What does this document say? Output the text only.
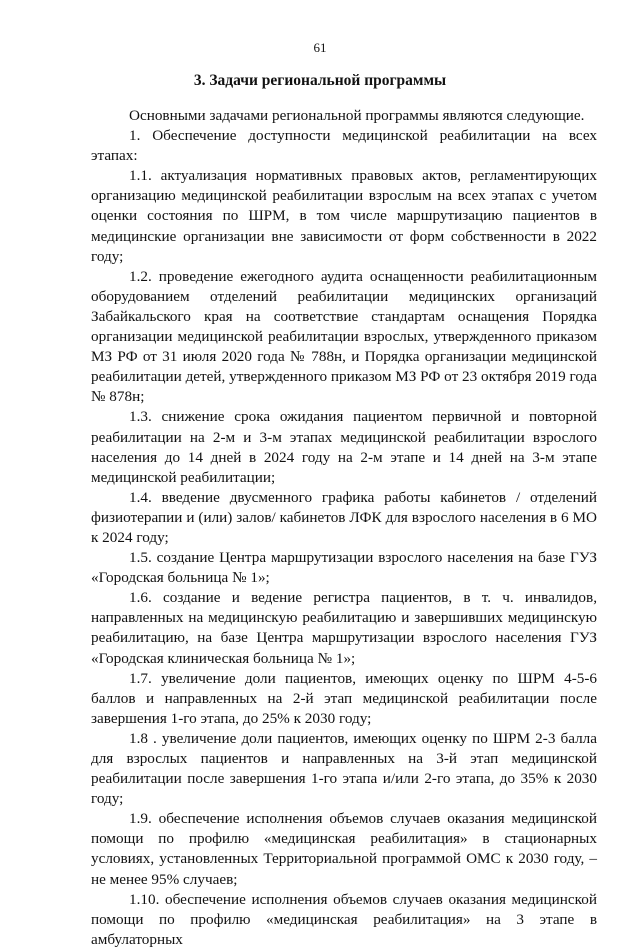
61
3. Задачи региональной программы

Основными задачами региональной программы являются следующие.

1. Обеспечение доступности медицинской реабилитации на всех этапах:

1.1. актуализация нормативных правовых актов, регламентирующих организацию медицинской реабилитации взрослым на всех этапах с учетом оценки состояния по ШРМ, в том числе маршрутизацию пациентов в медицинские организации вне зависимости от форм собственности в 2022 году;

1.2. проведение ежегодного аудита оснащенности реабилитационным оборудованием отделений реабилитации медицинских организаций Забайкальского края на соответствие стандартам оснащения Порядка организации медицинской реабилитации взрослых, утвержденного приказом МЗ РФ от 31 июля 2020 года № 788н, и Порядка организации медицинской реабилитации детей, утвержденного приказом МЗ РФ от 23 октября 2019 года № 878н;

1.3. снижение срока ожидания пациентом первичной и повторной реабилитации на 2-м и 3-м этапах медицинской реабилитации взрослого населения до 14 дней в 2024 году на 2-м этапе и 14 дней на 3-м этапе медицинской реабилитации;

1.4. введение двусменного графика работы кабинетов / отделений физиотерапии и (или) залов/ кабинетов ЛФК для взрослого населения в 6 МО к 2024 году;

1.5. создание Центра маршрутизации взрослого населения на базе ГУЗ «Городская больница № 1»;

1.6. создание и ведение регистра пациентов, в т. ч. инвалидов, направленных на медицинскую реабилитацию и завершивших медицинскую реабилитацию, на базе Центра маршрутизации взрослого населения ГУЗ «Городская клиническая больница № 1»;

1.7. увеличение доли пациентов, имеющих оценку по ШРМ 4-5-6 баллов и направленных на 2-й этап медицинской реабилитации после завершения 1-го этапа, до 25% к 2030 году;

1.8 . увеличение доли пациентов, имеющих оценку по ШРМ 2-3 балла для взрослых пациентов и направленных на 3-й этап медицинской реабилитации после завершения 1-го этапа и/или 2-го этапа, до 35% к 2030 году;

1.9. обеспечение исполнения объемов случаев оказания медицинской помощи по профилю «медицинская реабилитация» в стационарных условиях, установленных Территориальной программой ОМС к 2030 году, – не менее 95% случаев;

1.10. обеспечение исполнения объемов случаев оказания медицинской помощи по профилю «медицинская реабилитация» на 3 этапе в амбулаторных
